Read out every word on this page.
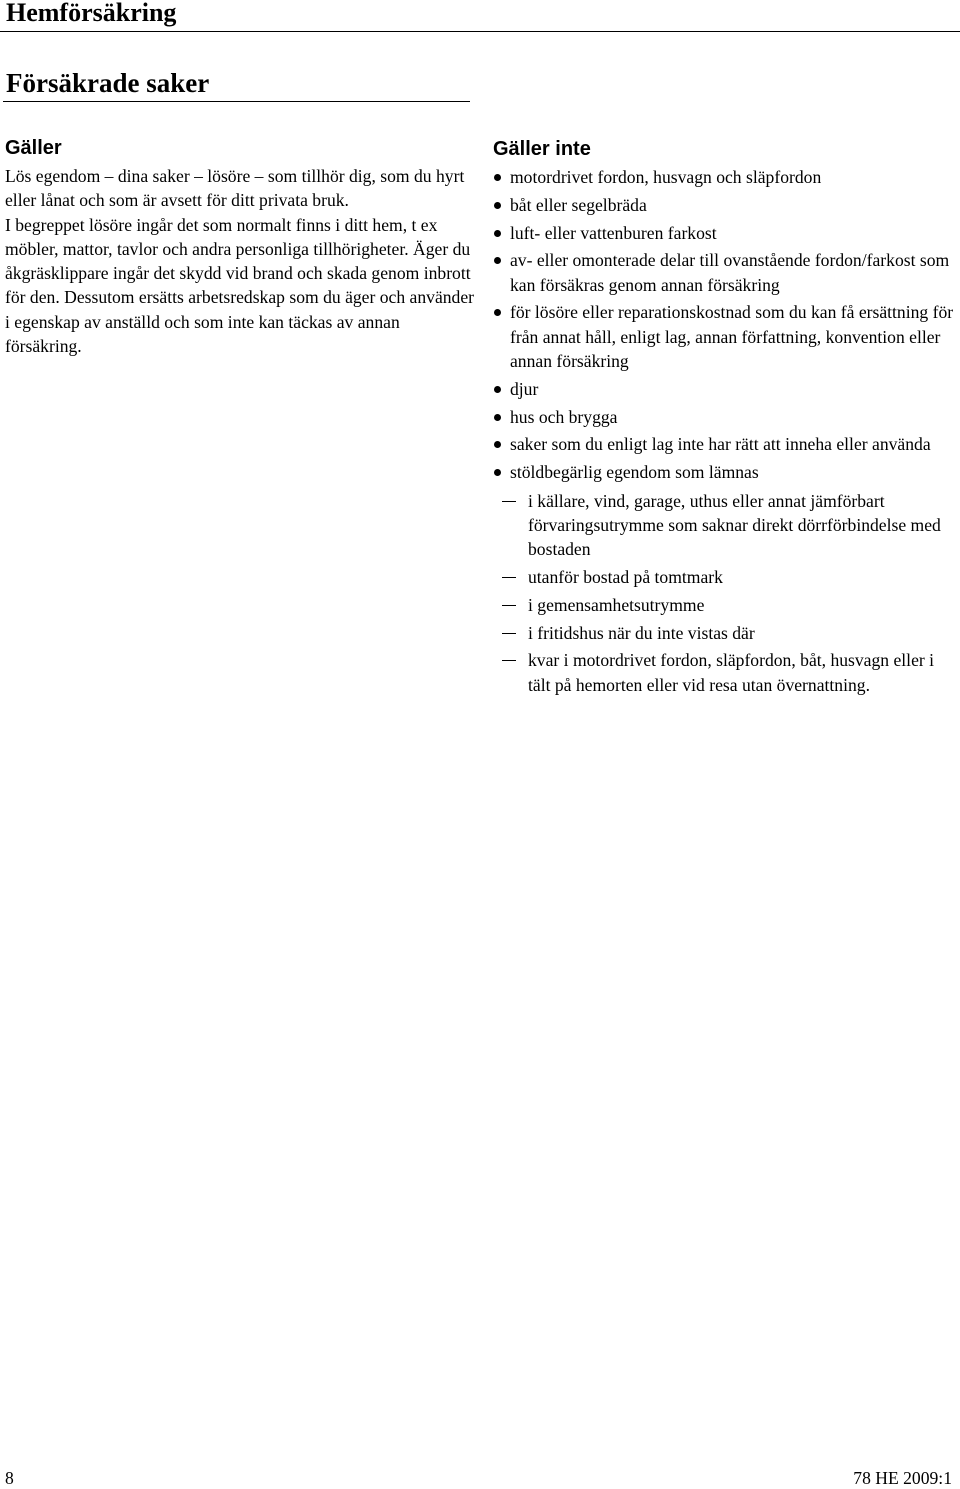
Hemförsäkring
Försäkrade saker
Gäller

Lös egendom – dina saker – lösöre – som tillhör dig, som du hyrt eller lånat och som är avsett för ditt privata bruk.

I begreppet lösöre ingår det som normalt finns i ditt hem, t ex möbler, mattor, tavlor och andra personliga tillhörigheter. Äger du åkgräsklippare ingår det skydd vid brand och skada genom inbrott för den. Dessutom ersätts arbetsredskap som du äger och använder i egenskap av anställd och som inte kan täckas av annan försäkring.

Gäller inte
motordrivet fordon, husvagn och släpfordon
båt eller segelbräda
luft- eller vattenburen farkost
av- eller omonterade delar till ovanstående fordon/farkost som kan försäkras genom annan försäkring
för lösöre eller reparationskostnad som du kan få ersättning för från annat håll, enligt lag, annan författning, konvention eller annan försäkring
djur
hus och brygga
saker som du enligt lag inte har rätt att inneha eller använda
stöldbegärlig egendom som lämnas
i källare, vind, garage, uthus eller annat jämförbart förvaringsutrymme som saknar direkt dörrförbindelse med bostaden
utanför bostad på tomtmark
i gemensamhetsutrymme
i fritidshus när du inte vistas där
kvar i motordrivet fordon, släpfordon, båt, husvagn eller i tält på hemorten eller vid resa utan övernattning.
8	78 HE 2009:1
